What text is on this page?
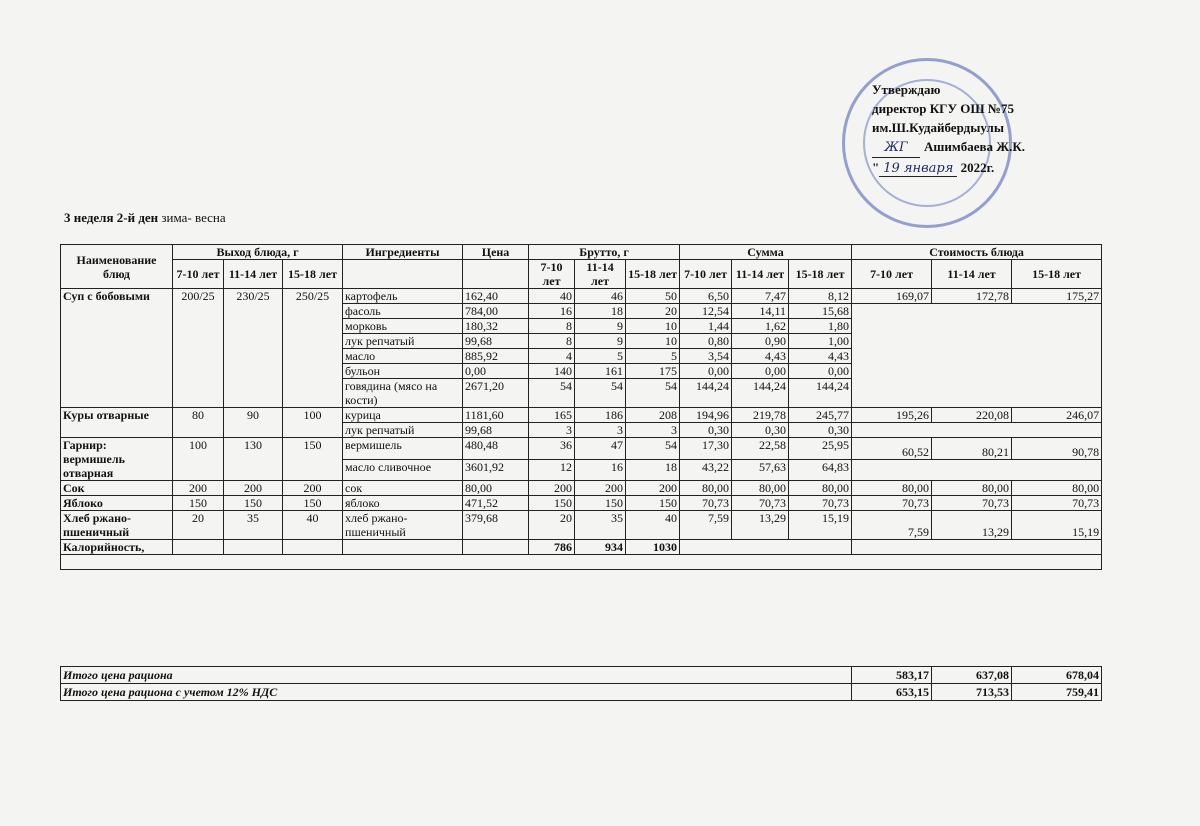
Утверждаю
директор КГУ ОШ №75
им.Ш.Кудайбердыулы
ЖГ Ашимбаева Ж.К.
" 19 января 2022г.
3 неделя 2-й ден зима- весна
Наименование блюд	Выход блюда, г			Ингредиенты	Цена	Брутто, г			Сумма			Стоимость блюда		
	7-10 лет	11-14 лет	15-18 лет			7-10 лет	11-14 лет	15-18 лет	7-10 лет	11-14 лет	15-18 лет	7-10 лет	11-14 лет	15-18 лет
Суп с бобовыми	200/25	230/25	250/25	картофель	162,40	40	46	50	6,50	7,47	8,12	169,07	172,78	175,27
				фасоль	784,00	16	18	20	12,54	14,11	15,68			
				морковь	180,32	8	9	10	1,44	1,62	1,80			
				лук репчатый	99,68	8	9	10	0,80	0,90	1,00			
				масло	885,92	4	5	5	3,54	4,43	4,43			
				бульон	0,00	140	161	175	0,00	0,00	0,00			
				говядина (мясо на кости)	2671,20	54	54	54	144,24	144,24	144,24			
Куры отварные	80	90	100	курица	1181,60	165	186	208	194,96	219,78	245,77	195,26	220,08	246,07
				лук репчатый	99,68	3	3	3	0,30	0,30	0,30			
Гарнир: вермишель отварная	100	130	150	вермишель	480,48	36	47	54	17,30	22,58	25,95	60,52	80,21	90,78
				масло сливочное	3601,92	12	16	18	43,22	57,63	64,83			
Сок	200	200	200	сок	80,00	200	200	200	80,00	80,00	80,00	80,00	80,00	80,00
Яблоко	150	150	150	яблоко	471,52	150	150	150	70,73	70,73	70,73	70,73	70,73	70,73
Хлеб ржано-пшеничный	20	35	40	хлеб ржано-пшеничный	379,68	20	35	40	7,59	13,29	15,19	7,59	13,29	15,19
Калорийность,						786	934	1030						

Итого цена рациона	583,17	637,08	678,04
Итого цена рациона с учетом 12% НДС	653,15	713,53	759,41
